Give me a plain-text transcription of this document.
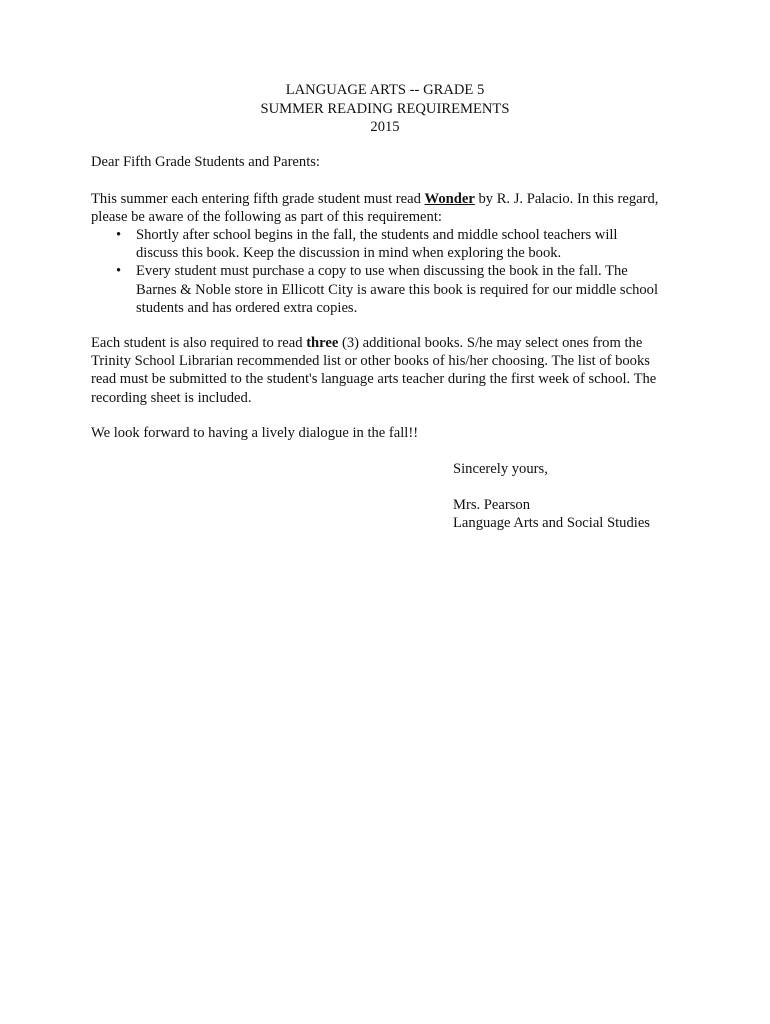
LANGUAGE ARTS -- GRADE 5
SUMMER READING REQUIREMENTS
2015
Dear Fifth Grade Students and Parents:

This summer each entering fifth grade student must read Wonder by R. J. Palacio. In this regard,

please be aware of the following as part of this requirement:

• Shortly after school begins in the fall, the students and middle school teachers will
discuss this book. Keep the discussion in mind when exploring the book.
• Every student must purchase a copy to use when discussing the book in the fall. The
Barnes & Noble store in Ellicott City is aware this book is required for our middle school
students and has ordered extra copies.

Each student is also required to read three (3) additional books. S/he may select ones from the

Trinity School Librarian recommended list or other books of his/her choosing. The list of books

read must be submitted to the student's language arts teacher during the first week of school. The

recording sheet is included.

We look forward to having a lively dialogue in the fall!!
Sincerely yours,
Mrs. Pearson
Language Arts and Social Studies
